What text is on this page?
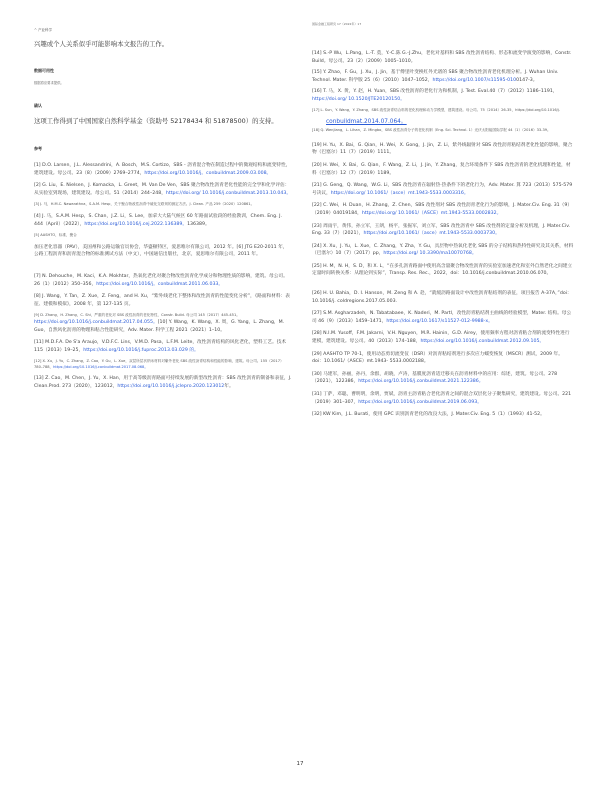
^ 产业科学
国际金融工程研究 17（2022年）17

兴趣或个人关系似乎可能影响本文报告的工作。

数据可用性

数据将应要求提供。

确认

这项工作得到了中国国家自然科学基金（资助号 52178434 和 51878500）的支持。

参考

[1] D.O. Larsen，J.L. Alessandrini，A. Bosch，M.S. Cortizo，SBS - 沥青混合物在制造过程中的微观结构和流变特性，建筑建设。母公司。23（8）（2009）2769–2774，https://doi.org/10.1016/j。conbuildmat.2009.03.008。

[2] G. Liu，E. Nielsen，J. Komacka，L. Greet，M. Van De Ven，SBS 聚合物改性沥青老化性能的完全学和化学评估：从实验室到现场，建筑建设。母公司。51（2014）244–248，https://doi.org/ 10.1016/j.conbuildmat.2013.10.043。

[3] J. 马，H.M.C. Nawarathna，S.A.M. Hesp，关于聚合物改性沥青中硫化交联剂的测定方法。J. Clean. 产品 259（2020）120861。

[4] J. 马，S.A.M. Hesp，S. Chan，J.Z. Li，S. Lee，加拿大大陆气候区 60 年路面试验段的经验教训，Chem. Eng. J. 444（April）（2022），https://doi.org/10.1016/j.cej.2022.136389。136389。

[5] AASHTO，标准，聚合

加压老化容器（PAV），美国州和公路运输官员协会，华盛顿特区，爱思唯尔有限公司，2012 年。[6] JTG E20-2011 年，公路工程沥青和沥青混合物的标准测试方法（中文），中国通信出版社，北京，爱思唯尔有限公司，2011 年。

[7] N. Dehouche，M. Kaci，K.A. Mokhtar，热氧化老化对聚合物改性沥青化学成分和物理性质的影响，建筑。母公司。26（1）（2012）350–356，https://doi.org/10.1016/j。conbuildmat.2011.06.033。

[8] J. Wang，Y. Tan，Z. Xue，Z. Feng，and H. Xu，“紫外线老化下整体和改性沥青的性能变化分析”，《路面和材料：表征、建模和模拟》，2008 年，第 127-135 页。

[9] D. Zhang，H. Zhang，C. Shi，严重的老化对 SBS 改性沥青的老化特性，Constr. Build. 母公司 145（2017）445-451。

https://doi.org/10.1016/j.conbuildmat.2017.04.055。[10] Y. Wang，K. Wang，X. 周，G. Yang，L. Zhang，M. Guo，自然风化沥青的物理和粘合性能研究，Adv. Mater. 科学工程 2021（2021）1–10。

[11] M.D.F.A. De S'a Araujo，V.D.F.C. Lins，V.M.D. Pasa，L.F.M. Leite，改性沥青结构的风化老化，塑料工艺。技术 115（2013）19–25，https://doi.org/10.1016/j.fuproc.2013.03.029 的。

[12] X. Xu，J. Yu，C. Zhang，Z. Cao，Y. Gu，L. Xue，双层所层状纳米材料对紫外老化 SBS 改性沥青结构和性能的影响，建筑。母公司。155（2017）780–788，https://doi.org/10.1016/j.conbuildmat.2017.08.068。

[13] Z. Cao，M. Chen，J. Yu，X. Han，用于高等级沥青路面可持续发展的新型改性沥青：SBS 改性沥青的制备和表征，J. Clean.Prod. 273（2020），123012，https://doi.org/10.1016/j.jclepro.2020.123012年。

[14] S.-P Wu，L.Pang，L.-T. 莫，Y.-C.陈 G.-J.Zhu，老化对基料和 SBS 改性沥青结构、形态和流变学演变的影响，Constr. Build。母公司。23（2）（2009）1005–1010。

[15] Y. Zhao，F. Gu，J. Xu，J. Jin，基于傅里叶变换红外光谱的 SBS 聚合物改性沥青老化机理分析。J. Wuhan Univ. Technol. Mater. 科学版 25（6）（2010）1047–1052，https://doi.org/10.1007/s11595-0100147-3。

[16] T. 马，X. 黄，Y. 赵，H. Yuan，SBS 改性沥青的老化行为和机制，J. Test. Eval.40（7）（2012）1186–1191，https://doi.org/ 10.1520/JTE20120150。

[17] L. Sun，Y. Wang，Y. Zhang，SBS 改性沥青结合料的老化机理和动力学模型，建筑建设。母公司。75（2014）26-35，https://doi.org/10.1016/j.

conbuildmat.2014.07.064。

[18] Q. Wenjiang，L. Lihan，Z. Mingbo，SBS 改性沥青分子的老化机制（Eng. Sci. Technol. 1）光伏太阳能国际学报 44（1）（2016）33-39。

[19] H. Yu，X. Bai，G. Qian，H. Wei，X. Gong，J. Jin，Z. Li，紫外线辐射对 SBS 改性沥青粘结剂老化性能的影响，聚合物（巴塞尔）11（7）（2019）1111。

[20] H. Wei，X. Bai，G. Qian，F. Wang，Z. Li，J. Jin，Y. Zhang，复合环境条件下 SBS 改性沥青的老化机理和性能，材料（巴塞尔）12（7）（2019）1189。

[21] G. Geng，Q. Wang，W.G. Li，SBS 改性沥青在辐射热·热条件下的老化行为，Adv. Mater. 算 723（2013）575-579 号决议，https://doi.org/ 10.1061/（asce）mt.1943-5533.0003316。

[22] C. Wei，H. Duan，H. Zhang，Z. Chen，SBS 改性剂对 SBS 改性沥青老化行为的影响，J. Mater.Civ. Eng. 31（9）（2019）04019184，https://doi.org/ 10.1061/（ASCE）mt.1943-5533.0002832。

[23] 周雨宇，黄伟，孙立军，王朗，杨平，张振军，刘立军，SBS 改性沥青中 SBS 改性剂的定量分析及机理，J. Mater.Civ. Eng. 33（7）（2021），https://doi.org/10.1061/（asce）mt.1943-5533.0003730。

[24] X. Xu，J. Yu，L. Xue，C. Zhang，Y. Zha，Y. Gu，具层物中热氧化老化 SBS 的分子结构和热特性研究及其关系，材料（巴塞尔）10（7）（2017）pp，https://doi.org/ 10.3390/ma10070768。

[25] H. M，N. H，S. D，和 X. L，“在多孔沥青路面中使用高含量聚合物改性沥青的实验室加速老化和室外自然老化之间建立定量时间转换关系：从理论到实际”，Transp. Res. Rec.，2022，doi：10.1016/j.conbuildmat.2010.06.070。

[26] H. U. Bahia，D. I. Hanson，M. Zeng 和 A. 赴，“就缓沥路面设计中改性沥青粘结剂的表征，项目报告 A-37A，”doi：10.1016/j. coldregions.2017.05.003.

[27] S.M. Asgharzadeh，N. Tabatabaee，K. Naderi，M. Partl，改性沥青粘结剂主曲线的经验模型，Mater. 结构。母公司 46（9）（2013）1459–1471，https://doi.org/10.1617/s11527-012-9988-x。

[28] N.I.M. Yusoff，F.M. Jakarni，V.H. Nguyen，M.R. Hainin，G.D. Airey，使用频率方程对沥青粘合剂的流变特性进行建模，建筑建设。母公司。40（2013）174–188，https://doi.org/10.1016/j.conbuildmat.2012.09.105。

[29] AASHTO TP 70-1，使用动态剪切流变仪（DSR）对沥青粘结剂进行多次应力蠕变恢复（MSCR）测试，2009 年。doi：10.1061/（ASCE）mt.1943- 5533.0002188。

[30] 马建军，孙丽，孙丹，余群，胡晓，卢涛，基膜度沥青适迁移关在沥青材料中的应用：综述，建筑。母公司。278（2021），122386，https://doi.org/10.1016/j.conbuildmat.2021.122386。

[31] 丁萨，邓聪，曹明明，余明，贾斌，沥青主沥青粘合老化沥青之间的混合双层化分子聚集研究，建筑建设。母公司。221（2019）301–307，https://doi.org/10.1016/j.conbuildmat.2019.06.093。

[32] KW Kim，J.L. Burati，使用 GPC 识别沥青老化的改良大法，J. Mater.Civ. Eng. 5（1）（1993）41-52。

17
